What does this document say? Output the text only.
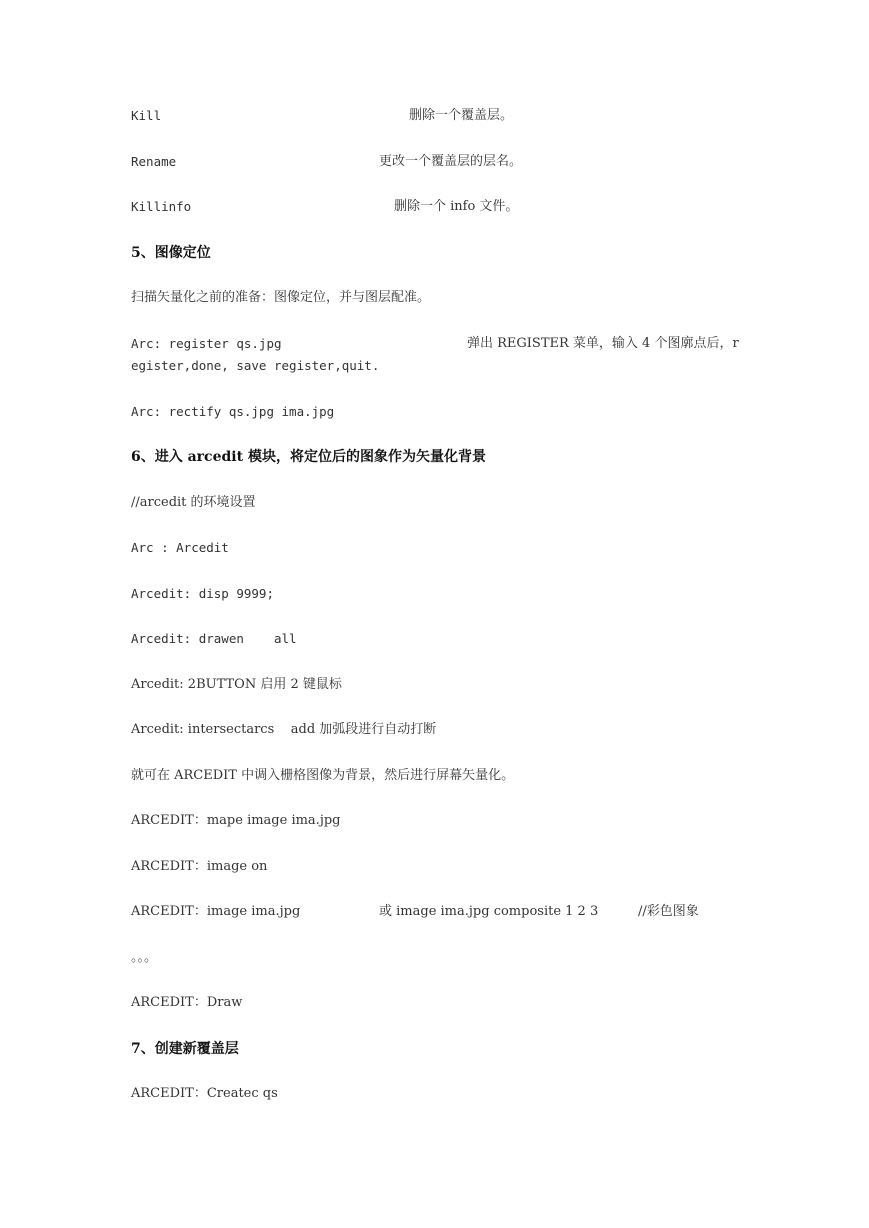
Kill	删除一个覆盖层。
Rename	更改一个覆盖层的层名。
Killinfo	删除一个 info 文件。
5、图像定位
扫描矢量化之前的准备：图像定位，并与图层配准。
Arc: register qs.jpg	弹出 REGISTER 菜单，输入 4 个图廓点后，r
egister,done, save register,quit.
Arc: rectify qs.jpg ima.jpg
6、进入 arcedit 模块，将定位后的图象作为矢量化背景
//arcedit 的环境设置
Arc : Arcedit
Arcedit: disp 9999;
Arcedit: drawen    all
Arcedit: 2BUTTON 启用 2 键鼠标
Arcedit: intersectarcs    add 加弧段进行自动打断
就可在 ARCEDIT 中调入栅格图像为背景，然后进行屏幕矢量化。
ARCEDIT：mape image ima.jpg
ARCEDIT：image on
ARCEDIT：image ima.jpg	或 image ima.jpg composite 1 2 3	//彩色图象
。。。
ARCEDIT：Draw
7、创建新覆盖层
ARCEDIT：Createc qs
